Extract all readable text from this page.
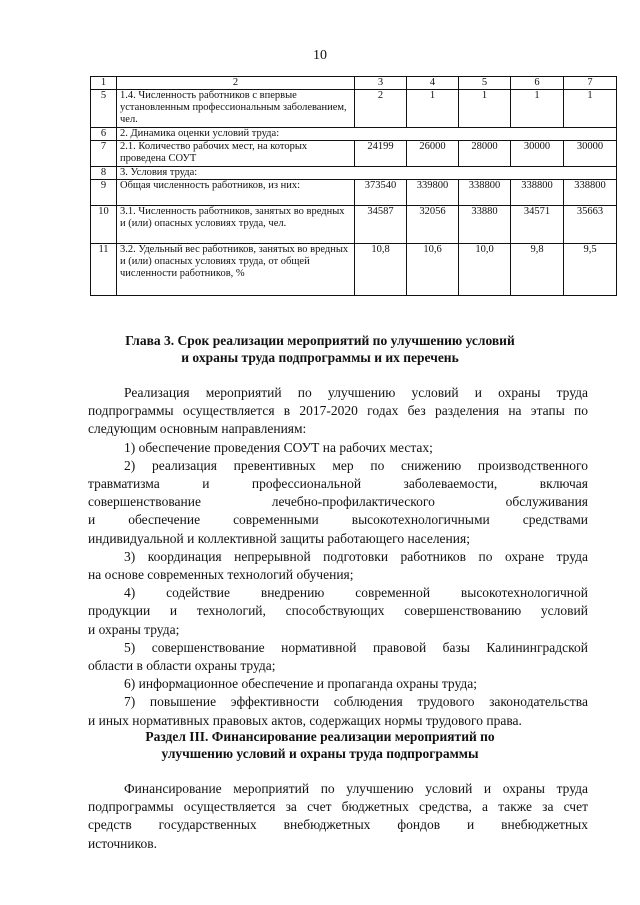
10
1	2	3	4	5	6	7
5	1.4. Численность работников с впервые установленным профессиональным заболеванием, чел.	2	1	1	1	1
6	2. Динамика оценки условий труда:					
7	2.1. Количество рабочих мест, на которых проведена СОУТ	24199	26000	28000	30000	30000
8	3. Условия труда:					
9	Общая численность работников, из них:	373540	339800	338800	338800	338800
10	3.1. Численность работников, занятых во вредных и (или) опасных условиях труда, чел.	34587	32056	33880	34571	35663
11	3.2. Удельный вес работников, занятых во вредных и (или) опасных условиях труда, от общей численности работников, %	10,8	10,6	10,0	9,8	9,5
Глава 3. Срок реализации мероприятий по улучшению условий
и охраны труда подпрограммы и их перечень
Реализация мероприятий по улучшению условий и охраны труда
подпрограммы осуществляется в 2017-2020 годах без разделения на этапы по
следующим основным направлениям:
1) обеспечение проведения СОУТ на рабочих местах;
2) реализация превентивных мер по снижению производственного
травматизма и профессиональной заболеваемости, включая
совершенствование лечебно-профилактического обслуживания
и обеспечение современными высокотехнологичными средствами
индивидуальной и коллективной защиты работающего населения;
3) координация непрерывной подготовки работников по охране труда
на основе современных технологий обучения;
4) содействие внедрению современной высокотехнологичной
продукции и технологий, способствующих совершенствованию условий
и охраны труда;
5) совершенствование нормативной правовой базы Калининградской
области в области охраны труда;
6) информационное обеспечение и пропаганда охраны труда;
7) повышение эффективности соблюдения трудового законодательства
и иных нормативных правовых актов, содержащих нормы трудового права.
Раздел III. Финансирование реализации мероприятий по
улучшению условий и охраны труда подпрограммы
Финансирование мероприятий по улучшению условий и охраны труда
подпрограммы осуществляется за счет бюджетных средства, а также за счет
средств государственных внебюджетных фондов и внебюджетных
источников.
